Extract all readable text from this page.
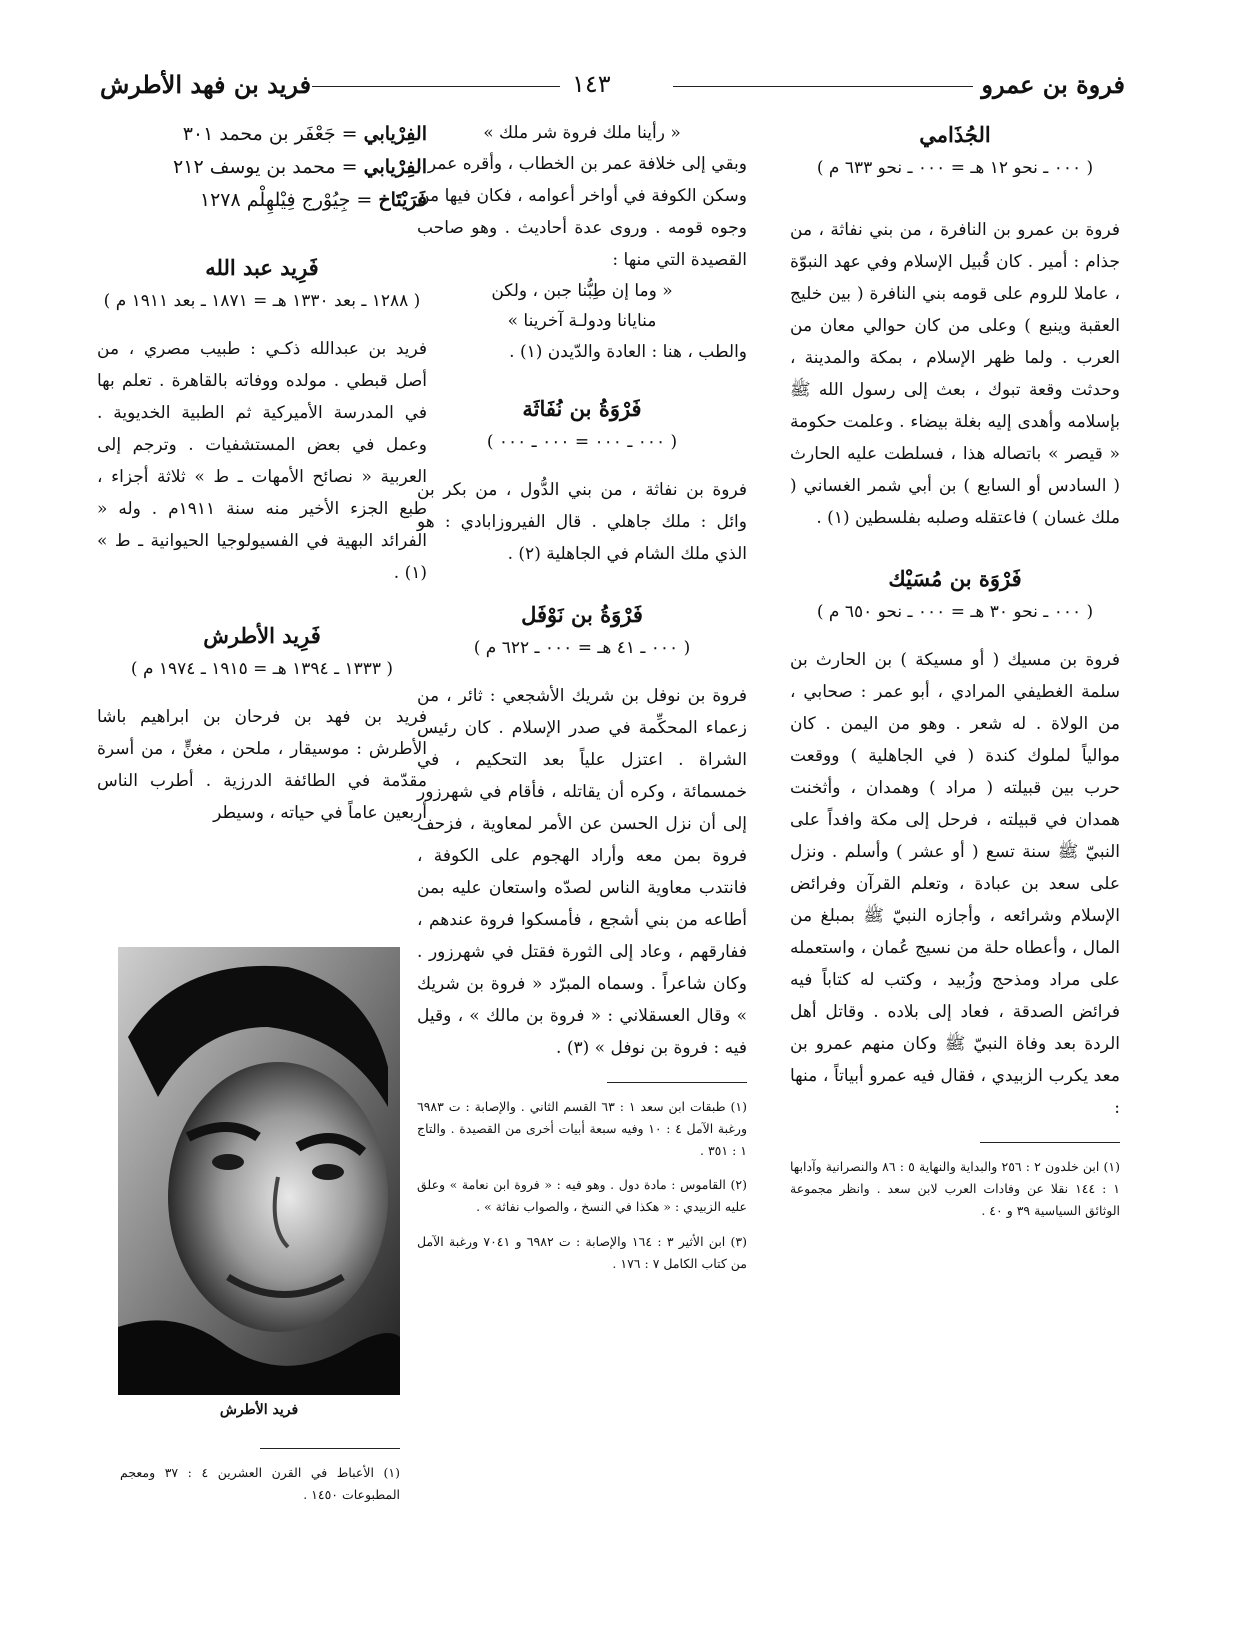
فروة بن عمرو
١٤٣
فريد بن فهد الأطرش

الجُذَامي

( ٠٠٠ ـ نحو ١٢ هـ = ٠٠٠ ـ نحو ٦٣٣ م )

فروة بن عمرو بن النافرة ، من بني نفاثة ، من جذام : أمير . كان قُبيل الإسلام وفي عهد النبوّة ، عاملا للروم على قومه بني النافرة ( بين خليج العقبة وينبع ) وعلى من كان حوالي معان من العرب . ولما ظهر الإسلام ، بمكة والمدينة ، وحدثت وقعة تبوك ، بعث إلى رسول الله ﷺ بإسلامه وأهدى إليه بغلة بيضاء . وعلمت حكومة « قيصر » باتصاله هذا ، فسلطت عليه الحارث ( السادس أو السابع ) بن أبي شمر الغساني ( ملك غسان ) فاعتقله وصلبه بفلسطين (١) .

فَرْوَة بن مُسَيْك

( ٠٠٠ ـ نحو ٣٠ هـ = ٠٠٠ ـ نحو ٦٥٠ م )

فروة بن مسيك ( أو مسيكة ) بن الحارث بن سلمة الغطيفي المرادي ، أبو عمر : صحابي ، من الولاة . له شعر . وهو من اليمن . كان موالياً لملوك كندة ( في الجاهلية ) ووقعت حرب بين قبيلته ( مراد ) وهمدان ، وأثخنت همدان في قبيلته ، فرحل إلى مكة وافداً على النبيّ ﷺ سنة تسع ( أو عشر ) وأسلم . ونزل على سعد بن عبادة ، وتعلم القرآن وفرائض الإسلام وشرائعه ، وأجازه النبيّ ﷺ بمبلغ من المال ، وأعطاه حلة من نسيج عُمان ، واستعمله على مراد ومذحج وزُبيد ، وكتب له كتاباً فيه فرائض الصدقة ، فعاد إلى بلاده . وقاتل أهل الردة بعد وفاة النبيّ ﷺ وكان منهم عمرو بن معد يكرب الزبيدي ، فقال فيه عمرو أبياتاً ، منها :

(١) ابن خلدون ٢ : ٢٥٦ والبداية والنهاية ٥ : ٨٦ والنصرانية وآدابها ١ : ١٤٤ نقلا عن وفادات العرب لابن سعد . وانظر مجموعة الوثائق السياسية ٣٩ و ٤٠ .

« رأينا ملك فروة شر ملك »

وبقي إلى خلافة عمر بن الخطاب ، وأقره عمر . وسكن الكوفة في أواخر أعوامه ، فكان فيها من وجوه قومه . وروى عدة أحاديث . وهو صاحب القصيدة التي منها :

« وما إن طِبُّنا جبن ، ولكن
منايانا ودولـة آخرينا »

والطب ، هنا : العادة والدّيدن (١) .

فَرْوَةُ بن نُفَاثَة

( ٠٠٠ ـ ٠٠٠ = ٠٠٠ ـ ٠٠٠ )

فروة بن نفاثة ، من بني الدُّول ، من بكر بن وائل : ملك جاهلي . قال الفيروزابادي : هو الذي ملك الشام في الجاهلية (٢) .

فَرْوَةُ بن نَوْفَل

( ٠٠٠ ـ ٤١ هـ = ٠٠٠ ـ ٦٢٢ م )

فروة بن نوفل بن شريك الأشجعي : ثائر ، من زعماء المحكِّمة في صدر الإسلام . كان رئيس الشراة . اعتزل علياً بعد التحكيم ، في خمسمائة ، وكره أن يقاتله ، فأقام في شهرزور إلى أن نزل الحسن عن الأمر لمعاوية ، فزحف فروة بمن معه وأراد الهجوم على الكوفة ، فانتدب معاوية الناس لصدّه واستعان عليه بمن أطاعه من بني أشجع ، فأمسكوا فروة عندهم ، ففارقهم ، وعاد إلى الثورة فقتل في شهرزور . وكان شاعراً . وسماه المبرّد « فروة بن شريك » وقال العسقلاني : « فروة بن مالك » ، وقيل فيه : فروة بن نوفل » (٣) .

(١) طبقات ابن سعد ١ : ٦٣ القسم الثاني . والإصابة : ت ٦٩٨٣ ورغبة الآمل ٤ : ١٠ وفيه سبعة أبيات أخرى من القصيدة . والتاج ١ : ٣٥١ .

(٢) القاموس : مادة دول . وهو فيه : « فروة ابن نعامة » وعلق عليه الزبيدي : « هكذا في النسخ ، والصواب نفاثة » .

(٣) ابن الأثير ٣ : ١٦٤ والإصابة : ت ٦٩٨٢ و ٧٠٤١ ورغبة الآمل من كتاب الكامل ٧ : ١٧٦ .

الفِرْيابي = جَعْفَر بن محمد ٣٠١
الفِرْيابي = محمد بن يوسف ٢١٢
فَرَيْتَاخ = جِيُوْرج فِيْلهِلْم ١٢٧٨

فَرِيد عبد الله

( ١٢٨٨ ـ بعد ١٣٣٠ هـ = ١٨٧١ ـ بعد ١٩١١ م )

فريد بن عبدالله ذكـي : طبيب مصري ، من أصل قبطي . مولده ووفاته بالقاهرة . تعلم بها في المدرسة الأميركية ثم الطبية الخديوية . وعمل في بعض المستشفيات . وترجم إلى العربية « نصائح الأمهات ـ ط » ثلاثة أجزاء ، طبع الجزء الأخير منه سنة ١٩١١م . وله « الفرائد البهية في الفسيولوجيا الحيوانية ـ ط » (١) .

فَرِيد الأطرش

( ١٣٣٣ ـ ١٣٩٤ هـ = ١٩١٥ ـ ١٩٧٤ م )

فريد بن فهد بن فرحان بن ابراهيم باشا الأطرش : موسيقار ، ملحن ، مغنٍّ ، من أسرة مقدّمة في الطائفة الدرزية . أطرب الناس أربعين عاماً في حياته ، وسيطر

فريد الأطرش

(١) الأعباط في القرن العشرين ٤ : ٣٧ ومعجم المطبوعات ١٤٥٠ .
